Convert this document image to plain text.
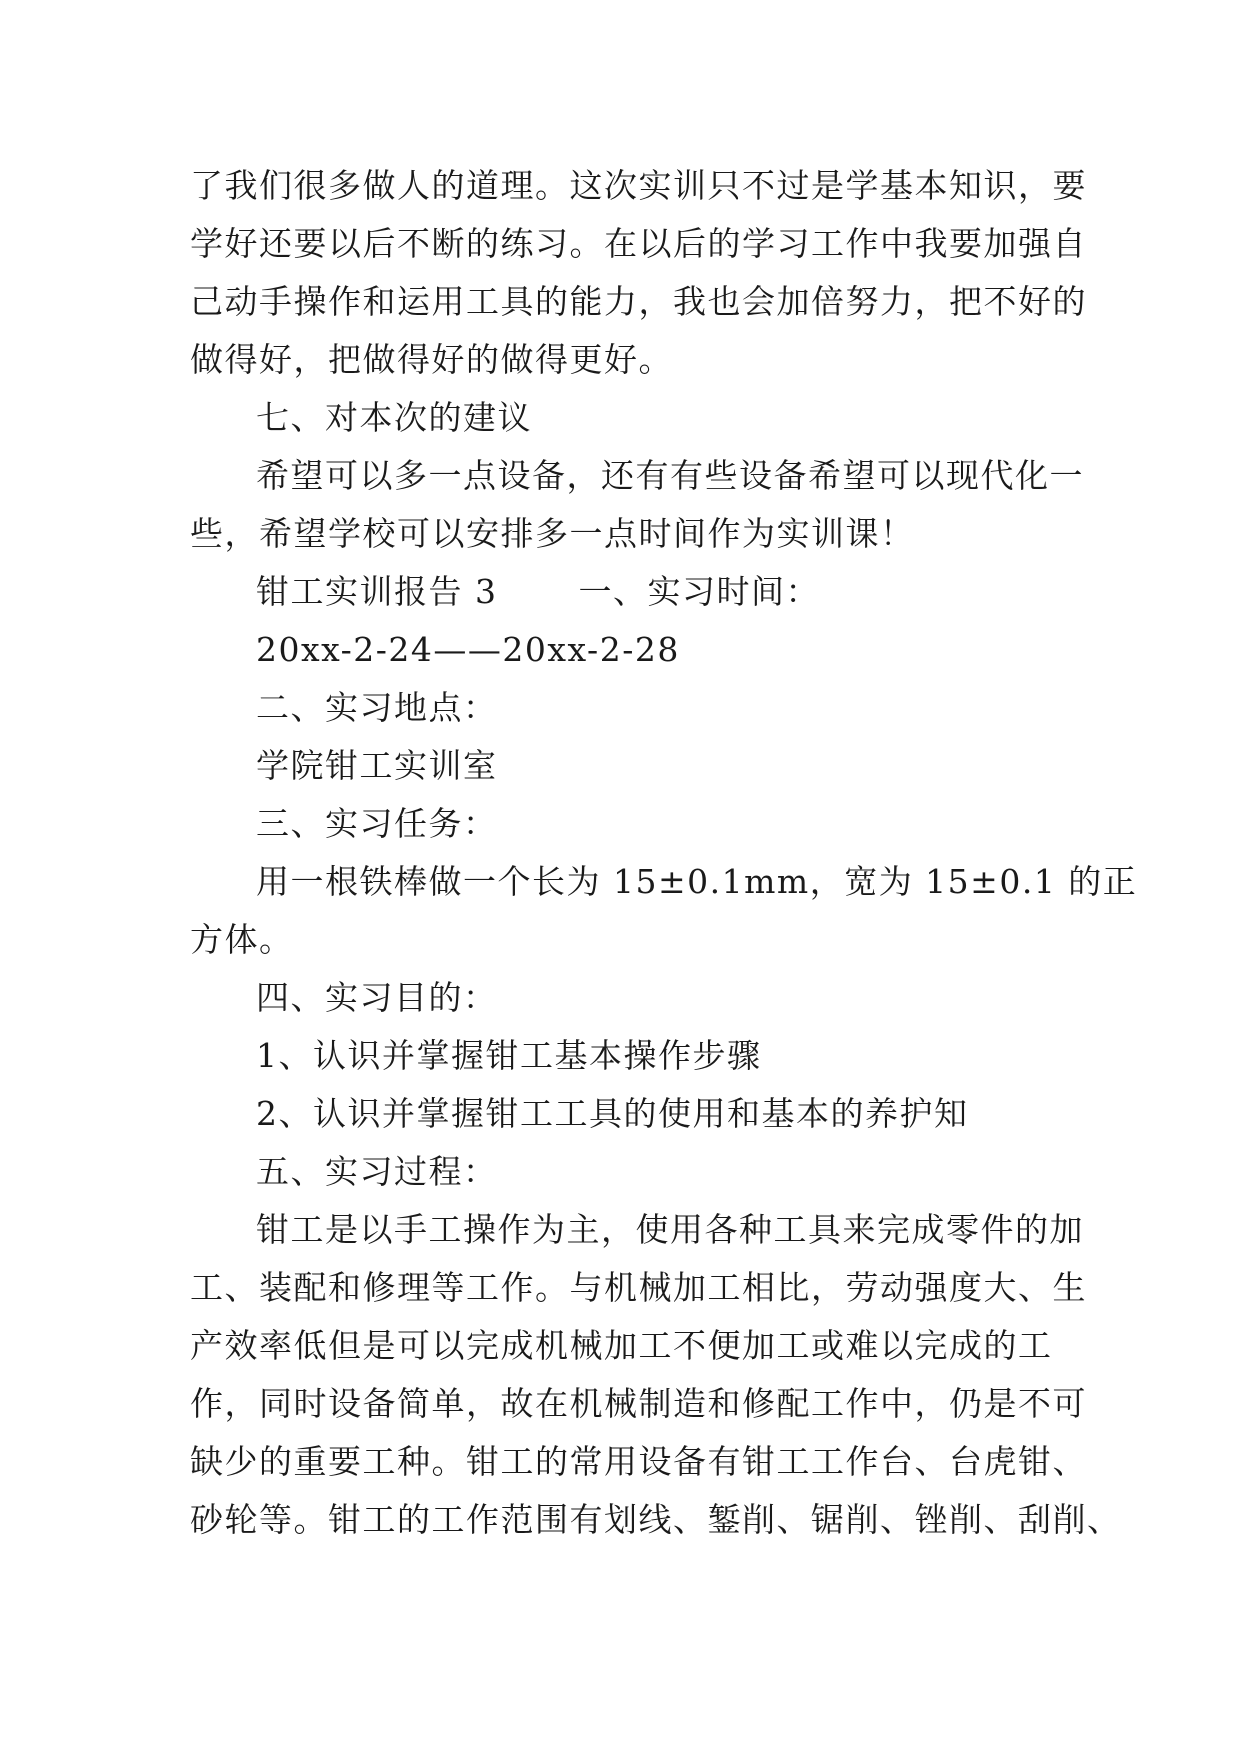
了我们很多做人的道理。这次实训只不过是学基本知识，要
学好还要以后不断的练习。在以后的学习工作中我要加强自
己动手操作和运用工具的能力，我也会加倍努力，把不好的
做得好，把做得好的做得更好。
七、对本次的建议
希望可以多一点设备，还有有些设备希望可以现代化一
些，希望学校可以安排多一点时间作为实训课！
钳工实训报告 3　　 一、实习时间：
20xx-2-24——20xx-2-28
二、实习地点：
学院钳工实训室
三、实习任务：
用一根铁棒做一个长为 15±0.1mm，宽为 15±0.1 的正
方体。
四、实习目的：
1、认识并掌握钳工基本操作步骤
2、认识并掌握钳工工具的使用和基本的养护知
五、实习过程：
钳工是以手工操作为主，使用各种工具来完成零件的加
工、装配和修理等工作。与机械加工相比，劳动强度大、生
产效率低但是可以完成机械加工不便加工或难以完成的工
作，同时设备简单，故在机械制造和修配工作中，仍是不可
缺少的重要工种。钳工的常用设备有钳工工作台、台虎钳、
砂轮等。钳工的工作范围有划线、錾削、锯削、锉削、刮削、
